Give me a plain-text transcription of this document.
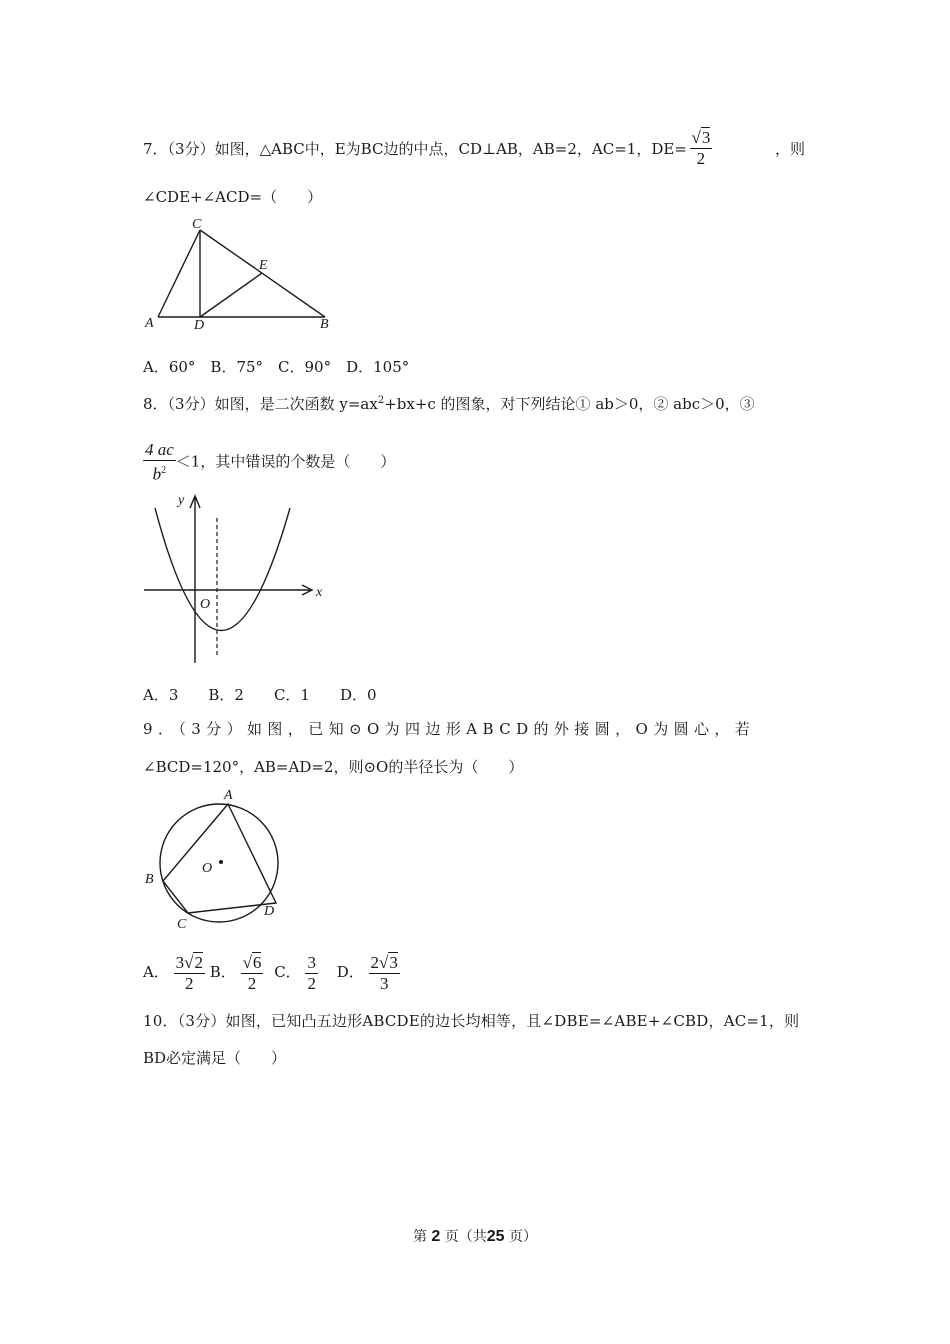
7．（3分）如图，△ABC中，E为BC边的中点，CD⊥AB，AB=2，AC=1，$DE= \frac{√3}{2}$	，则
∠CDE+∠ACD=（　　）
A	D	B
C
E
A．60°　B．75°　C．90°　D．105°
8．（3分）如图，是二次函数 $y=ax^2+bx+c$ 的图象，对下列结论① ab＞0，② abc＞0，③
$\frac{4 ac}{b^2} <1$，其中错误的个数是（　　）
x
y
O
A．3　　B．2　　C．1　　D．0
9．（3分）如图，已知⊙O为四边形ABCD的外接圆，O为圆心，若
∠BCD=120°，AB=AD=2，则⊙O的半径长为（　　）
A
B
C
D
O
A． $\frac{3√2}{2}$ B． $\frac{√6}{2}$ C． $\frac{3}{2}$ D． $\frac{2√3}{3}$
10．（3分）如图，已知凸五边形ABCDE的边长均相等，且∠DBE=∠ABE+∠CBD，AC=1，则
BD必定满足（　　）
第 2 页（共25 页）
